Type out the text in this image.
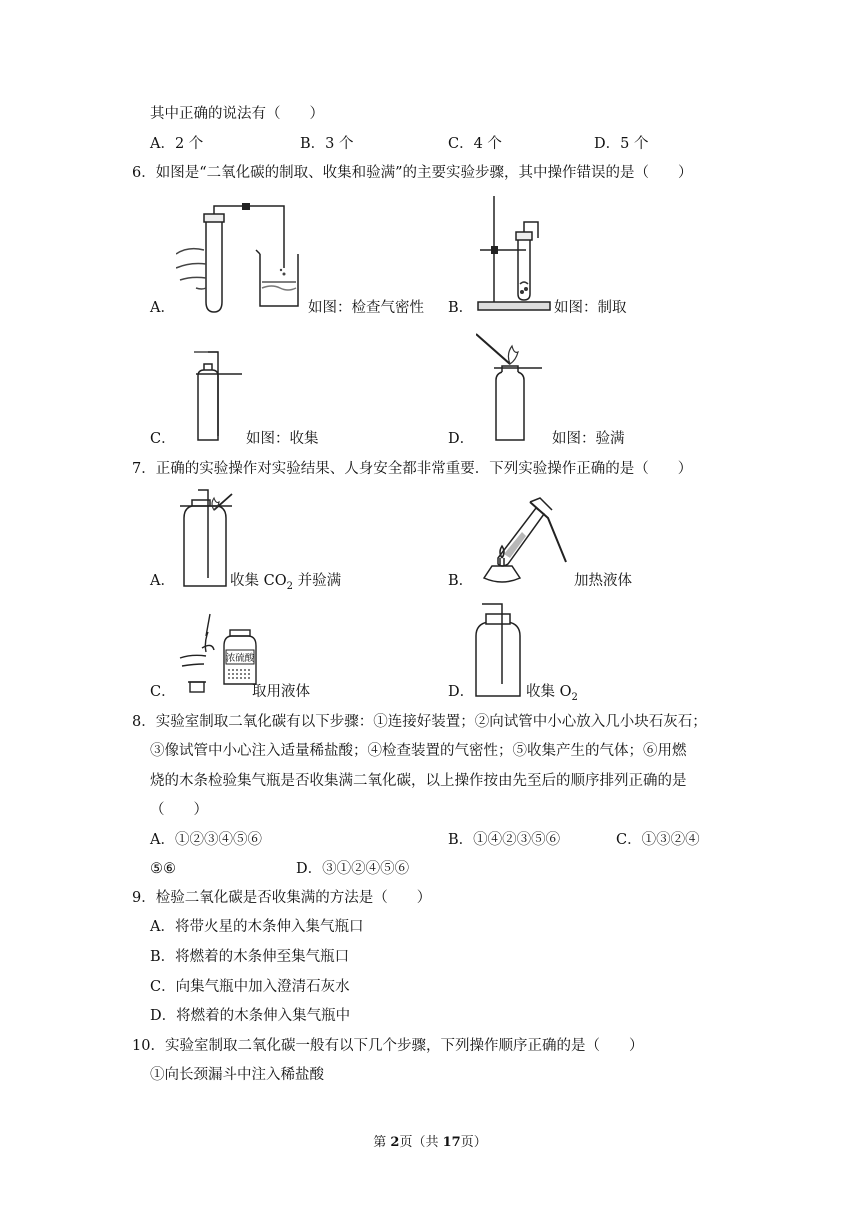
其中正确的说法有（　　）
A．2 个	B．3 个	C．4 个	D．5 个
6．如图是“二氧化碳的制取、收集和验满”的主要实验步骤，其中操作错误的是（　　）
A．	如图：检查气密性 B．	如图：制取
C．	如图：收集	D．	如图：验满
7．正确的实验操作对实验结果、人身安全都非常重要．下列实验操作正确的是（　　）
A．	收集 $CO_2$ 并验满	B．	加热液体
浓硫酸
C．	取用液体	D．	收集 $O_2$
8．实验室制取二氧化碳有以下步骤：①连接好装置；②向试管中小心放入几小块石灰石；
③像试管中小心注入适量稀盐酸；④检查装置的气密性；⑤收集产生的气体；⑥用燃
烧的木条检验集气瓶是否收集满二氧化碳，以上操作按由先至后的顺序排列正确的是
（　　）
A．①②③④⑤⑥	B．①④②③⑤⑥	C．①③②④
⑤⑥	D．③①②④⑤⑥
9．检验二氧化碳是否收集满的方法是（　　）
A．将带火星的木条伸入集气瓶口
B．将燃着的木条伸至集气瓶口
C．向集气瓶中加入澄清石灰水
D．将燃着的木条伸入集气瓶中
10．实验室制取二氧化碳一般有以下几个步骤，下列操作顺序正确的是（　　）
①向长颈漏斗中注入稀盐酸
第 2页（共 17页）
